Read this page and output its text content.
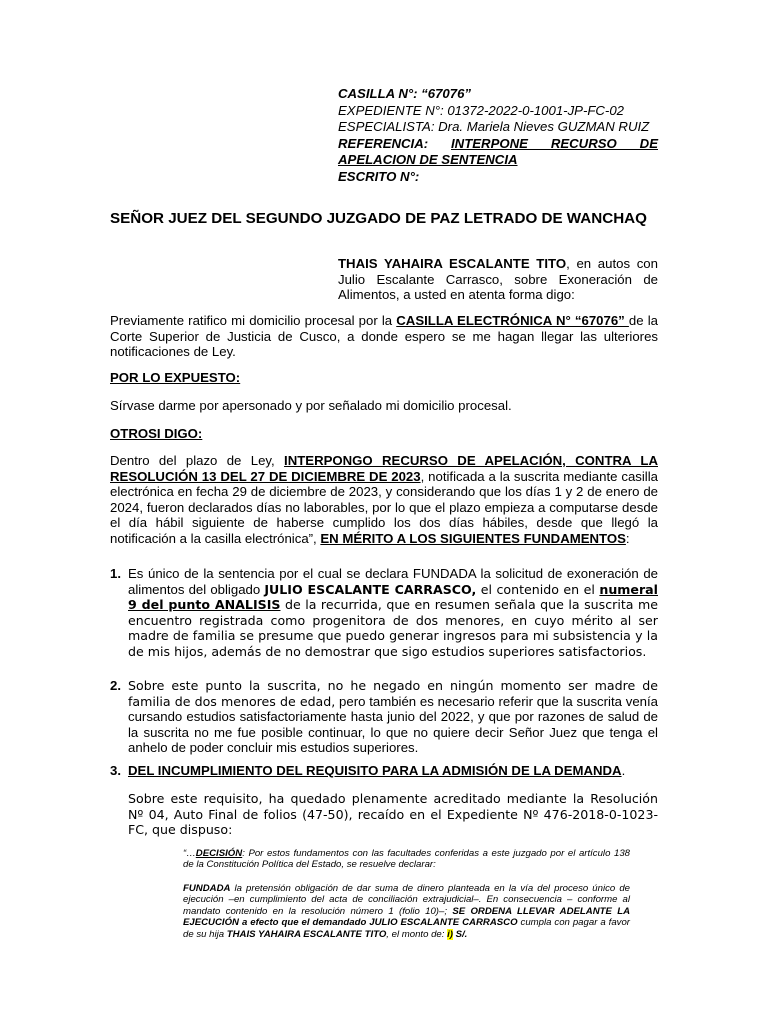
CASILLA N°: “67076”

EXPEDIENTE N°: 01372-2022-0-1001-JP-FC-02

ESPECIALISTA: Dra. Mariela Nieves GUZMAN RUIZ

REFERENCIA: INTERPONE RECURSO DE APELACION DE SENTENCIA

ESCRITO N°:

SEÑOR JUEZ DEL SEGUNDO JUZGADO DE PAZ LETRADO DE WANCHAQ
THAIS YAHAIRA ESCALANTE TITO, en autos con Julio Escalante Carrasco, sobre Exoneración de Alimentos, a usted en atenta forma digo:
Previamente ratifico mi domicilio procesal por la CASILLA ELECTRÓNICA N° “67076” de la Corte Superior de Justicia de Cusco, a donde espero se me hagan llegar las ulteriores notificaciones de Ley.
POR LO EXPUESTO:
Sírvase darme por apersonado y por señalado mi domicilio procesal.
OTROSI DIGO:
Dentro del plazo de Ley, INTERPONGO RECURSO DE APELACIÓN, CONTRA LA RESOLUCIÓN 13 DEL 27 DE DICIEMBRE DE 2023, notificada a la suscrita mediante casilla electrónica en fecha 29 de diciembre de 2023, y considerando que los días 1 y 2 de enero de 2024, fueron declarados días no laborables, por lo que el plazo empieza a computarse desde el día hábil siguiente de haberse cumplido los dos días hábiles, desde que llegó la notificación a la casilla electrónica”, EN MÉRITO A LOS SIGUIENTES FUNDAMENTOS:
1. Es único de la sentencia por el cual se declara FUNDADA la solicitud de exoneración de alimentos del obligado JULIO ESCALANTE CARRASCO, el contenido en el numeral 9 del punto ANALISIS de la recurrida, que en resumen señala que la suscrita me encuentro registrada como progenitora de dos menores, en cuyo mérito al ser madre de familia se presume que puedo generar ingresos para mi subsistencia y la de mis hijos, además de no demostrar que sigo estudios superiores satisfactorios.
2. Sobre este punto la suscrita, no he negado en ningún momento ser madre de familia de dos menores de edad, pero también es necesario referir que la suscrita venía cursando estudios satisfactoriamente hasta junio del 2022, y que por razones de salud de la suscrita no me fue posible continuar, lo que no quiere decir Señor Juez que tenga el anhelo de poder concluir mis estudios superiores.
3. DEL INCUMPLIMIENTO DEL REQUISITO PARA LA ADMISIÓN DE LA DEMANDA.
Sobre este requisito, ha quedado plenamente acreditado mediante la Resolución Nº 04, Auto Final de folios (47-50), recaído en el Expediente Nº 476-2018-0-1023-FC, que dispuso:
“…DECISIÓN: Por estos fundamentos con las facultades conferidas a este juzgado por el artículo 138 de la Constitución Política del Estado, se resuelve declarar:
FUNDADA la pretensión obligación de dar suma de dinero planteada en la vía del proceso único de ejecución –en cumplimiento del acta de conciliación extrajudicial–. En consecuencia – conforme al mandato contenido en la resolución número 1 (folio 10)–; SE ORDENA LLEVAR ADELANTE LA EJECUCIÓN a efecto que el demandado JULIO ESCALANTE CARRASCO cumpla con pagar a favor de su hija THAIS YAHAIRA ESCALANTE TITO, el monto de: i) S/.
